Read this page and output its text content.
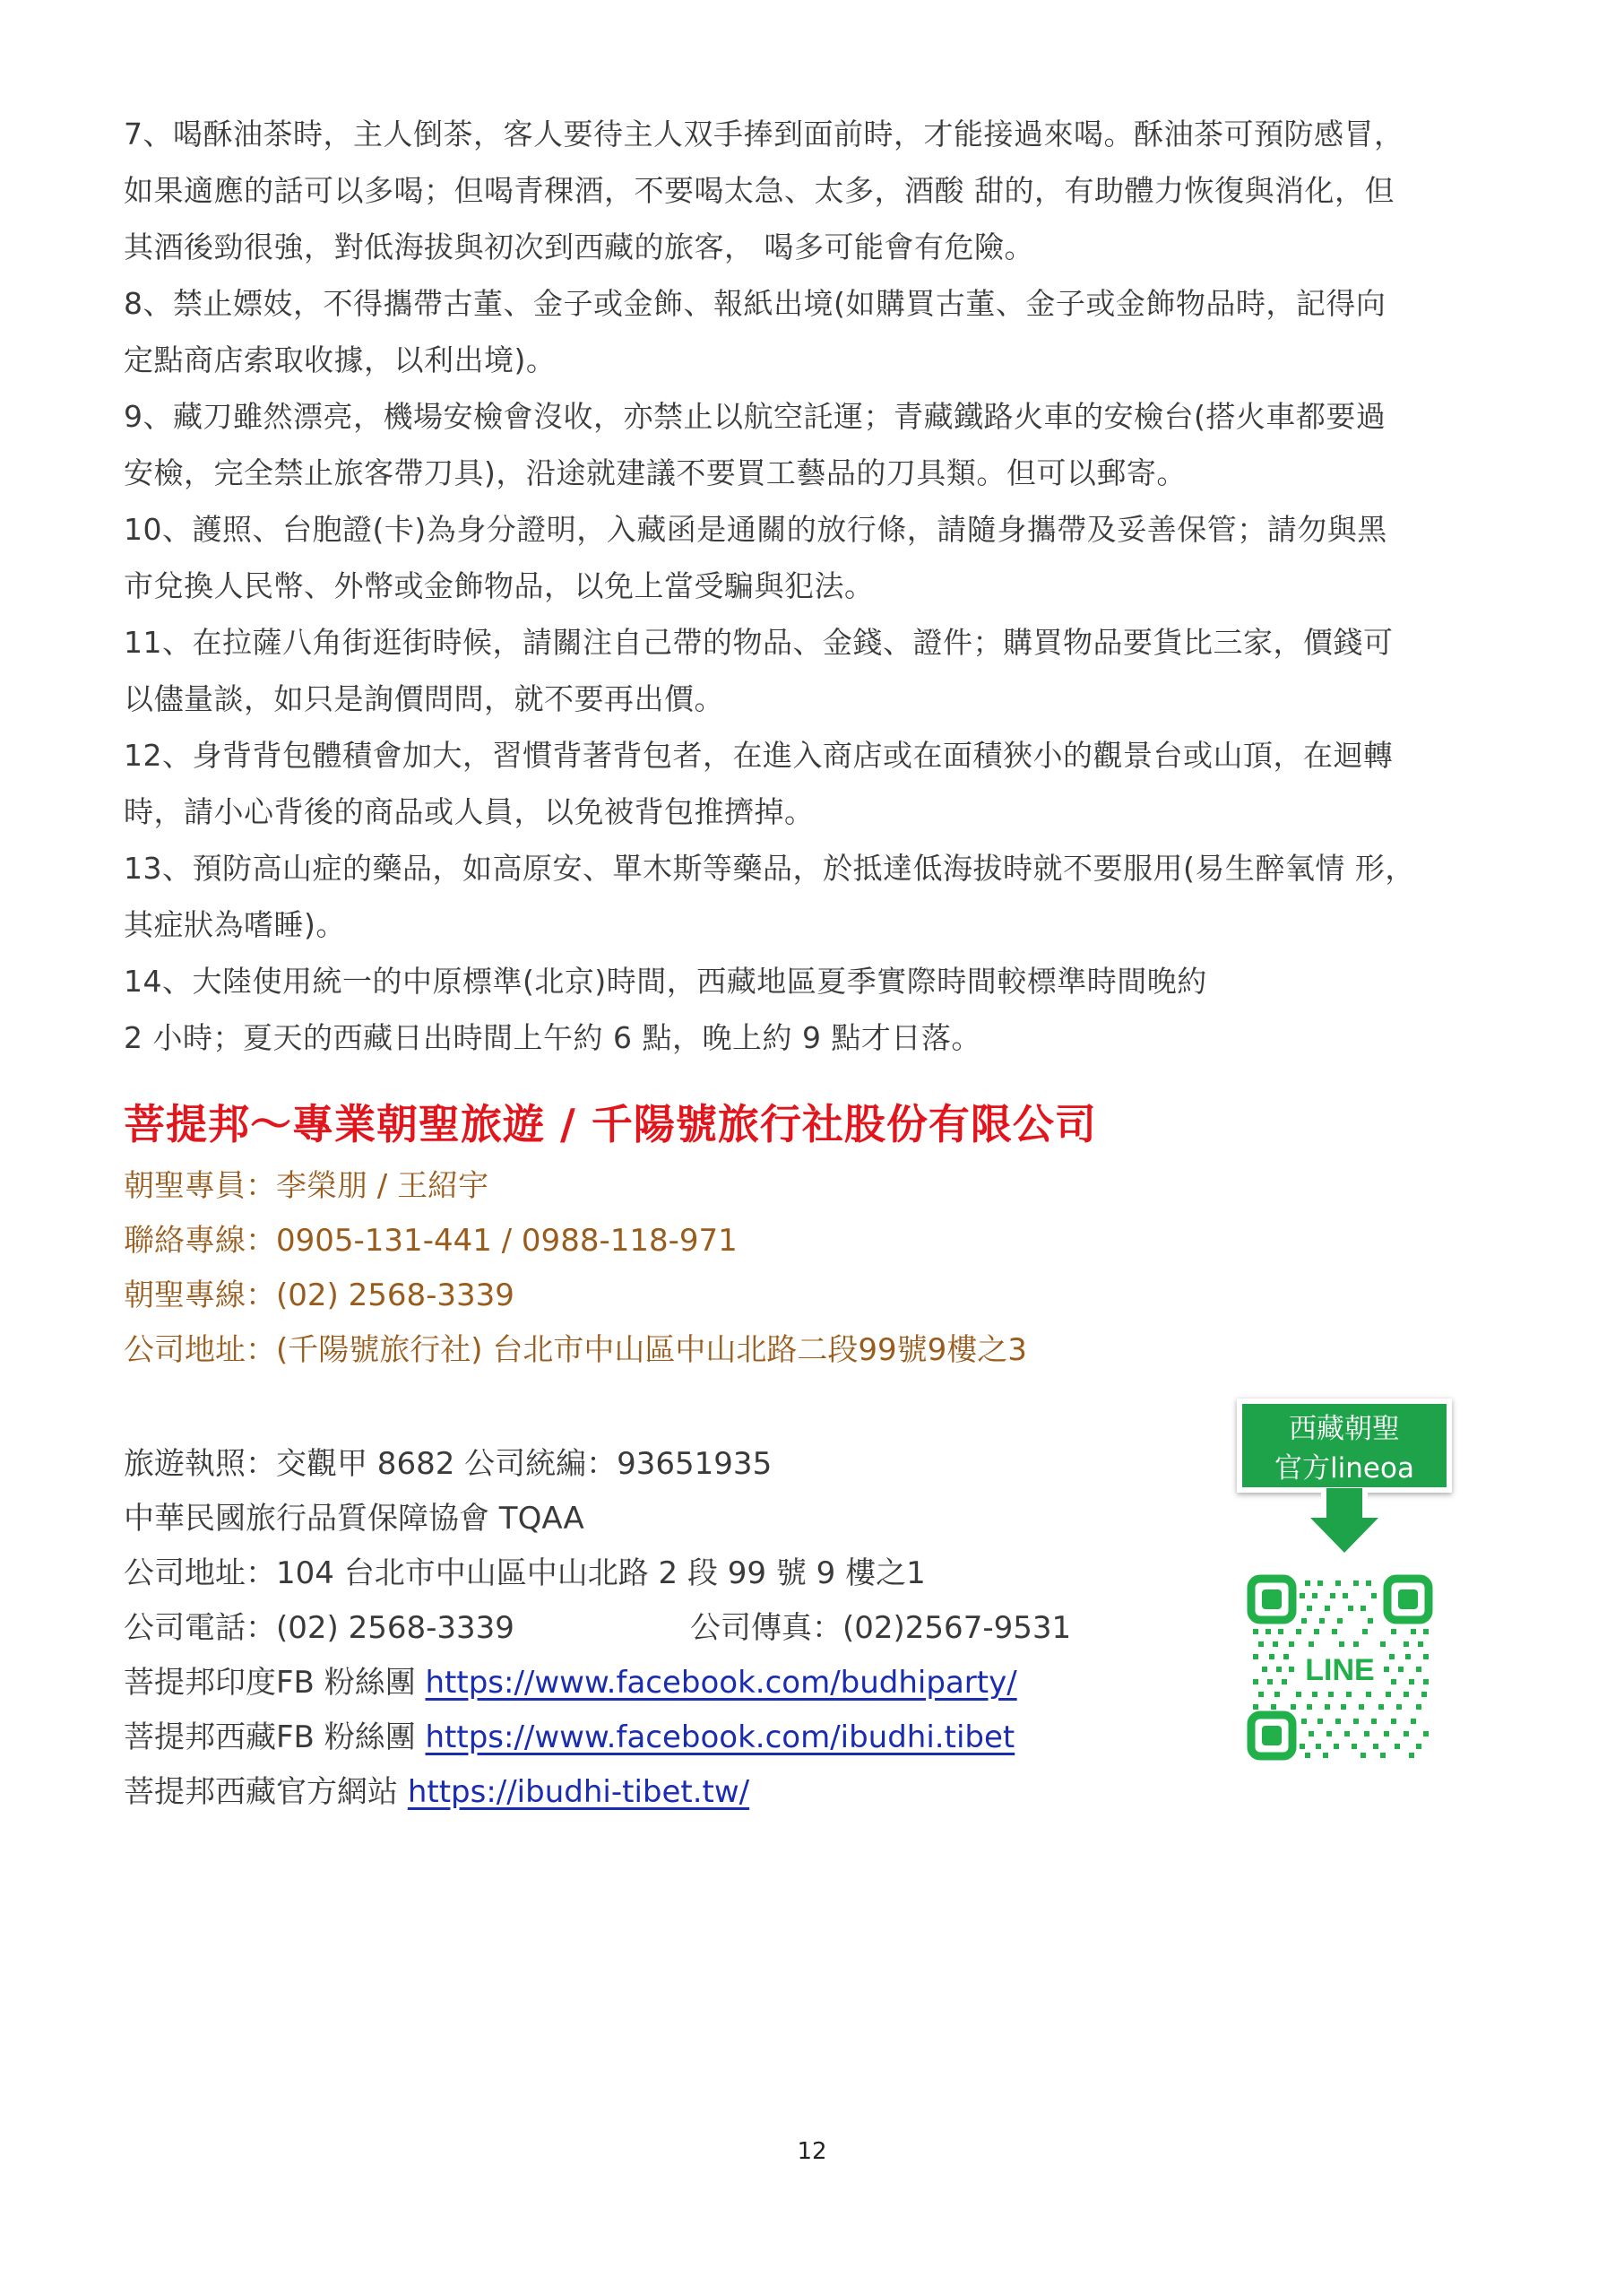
7、喝酥油茶時，主人倒茶，客人要待主人双手捧到面前時，才能接過來喝。酥油茶可預防感冒，
如果適應的話可以多喝；但喝青稞酒，不要喝太急、太多，酒酸 甜的，有助體力恢復與消化，但
其酒後勁很強，對低海拔與初次到西藏的旅客， 喝多可能會有危險。
8、禁止嫖妓，不得攜帶古董、金子或金飾、報紙出境(如購買古董、金子或金飾物品時，記得向
定點商店索取收據，以利出境)。
9、藏刀雖然漂亮，機場安檢會沒收，亦禁止以航空託運；青藏鐵路火車的安檢台(搭火車都要過
安檢，完全禁止旅客帶刀具)，沿途就建議不要買工藝品的刀具類。但可以郵寄。
10、護照、台胞證(卡)為身分證明，入藏函是通關的放行條，請隨身攜帶及妥善保管；請勿與黑
市兌換人民幣、外幣或金飾物品，以免上當受騙與犯法。
11、在拉薩八角街逛街時候，請關注自己帶的物品、金錢、證件；購買物品要貨比三家，價錢可
以儘量談，如只是詢價問問，就不要再出價。
12、身背背包體積會加大，習慣背著背包者，在進入商店或在面積狹小的觀景台或山頂，在迴轉
時，請小心背後的商品或人員，以免被背包推擠掉。
13、預防高山症的藥品，如高原安、單木斯等藥品，於抵達低海拔時就不要服用(易生醉氧情 形，
其症狀為嗜睡)。
14、大陸使用統一的中原標準(北京)時間，西藏地區夏季實際時間較標準時間晚約
2 小時；夏天的西藏日出時間上午約 6 點，晚上約 9 點才日落。
菩提邦～專業朝聖旅遊 / 千陽號旅行社股份有限公司
朝聖專員：李榮朋 / 王紹宇
聯絡專線：0905-131-441 / 0988-118-971
朝聖專線：(02) 2568-3339
公司地址：(千陽號旅行社) 台北市中山區中山北路二段99號9樓之3
旅遊執照：交觀甲 8682 公司統編：93651935
中華民國旅行品質保障協會 TQAA
公司地址：104 台北市中山區中山北路 2 段 99 號 9 樓之1
公司電話：(02) 2568-3339	公司傳真：(02)2567-9531
菩提邦印度FB 粉絲團 https://www.facebook.com/budhiparty/
菩提邦西藏FB 粉絲團 https://www.facebook.com/ibudhi.tibet
菩提邦西藏官方網站 https://ibudhi-tibet.tw/
西藏朝聖
官方lineoa
LINE
12
